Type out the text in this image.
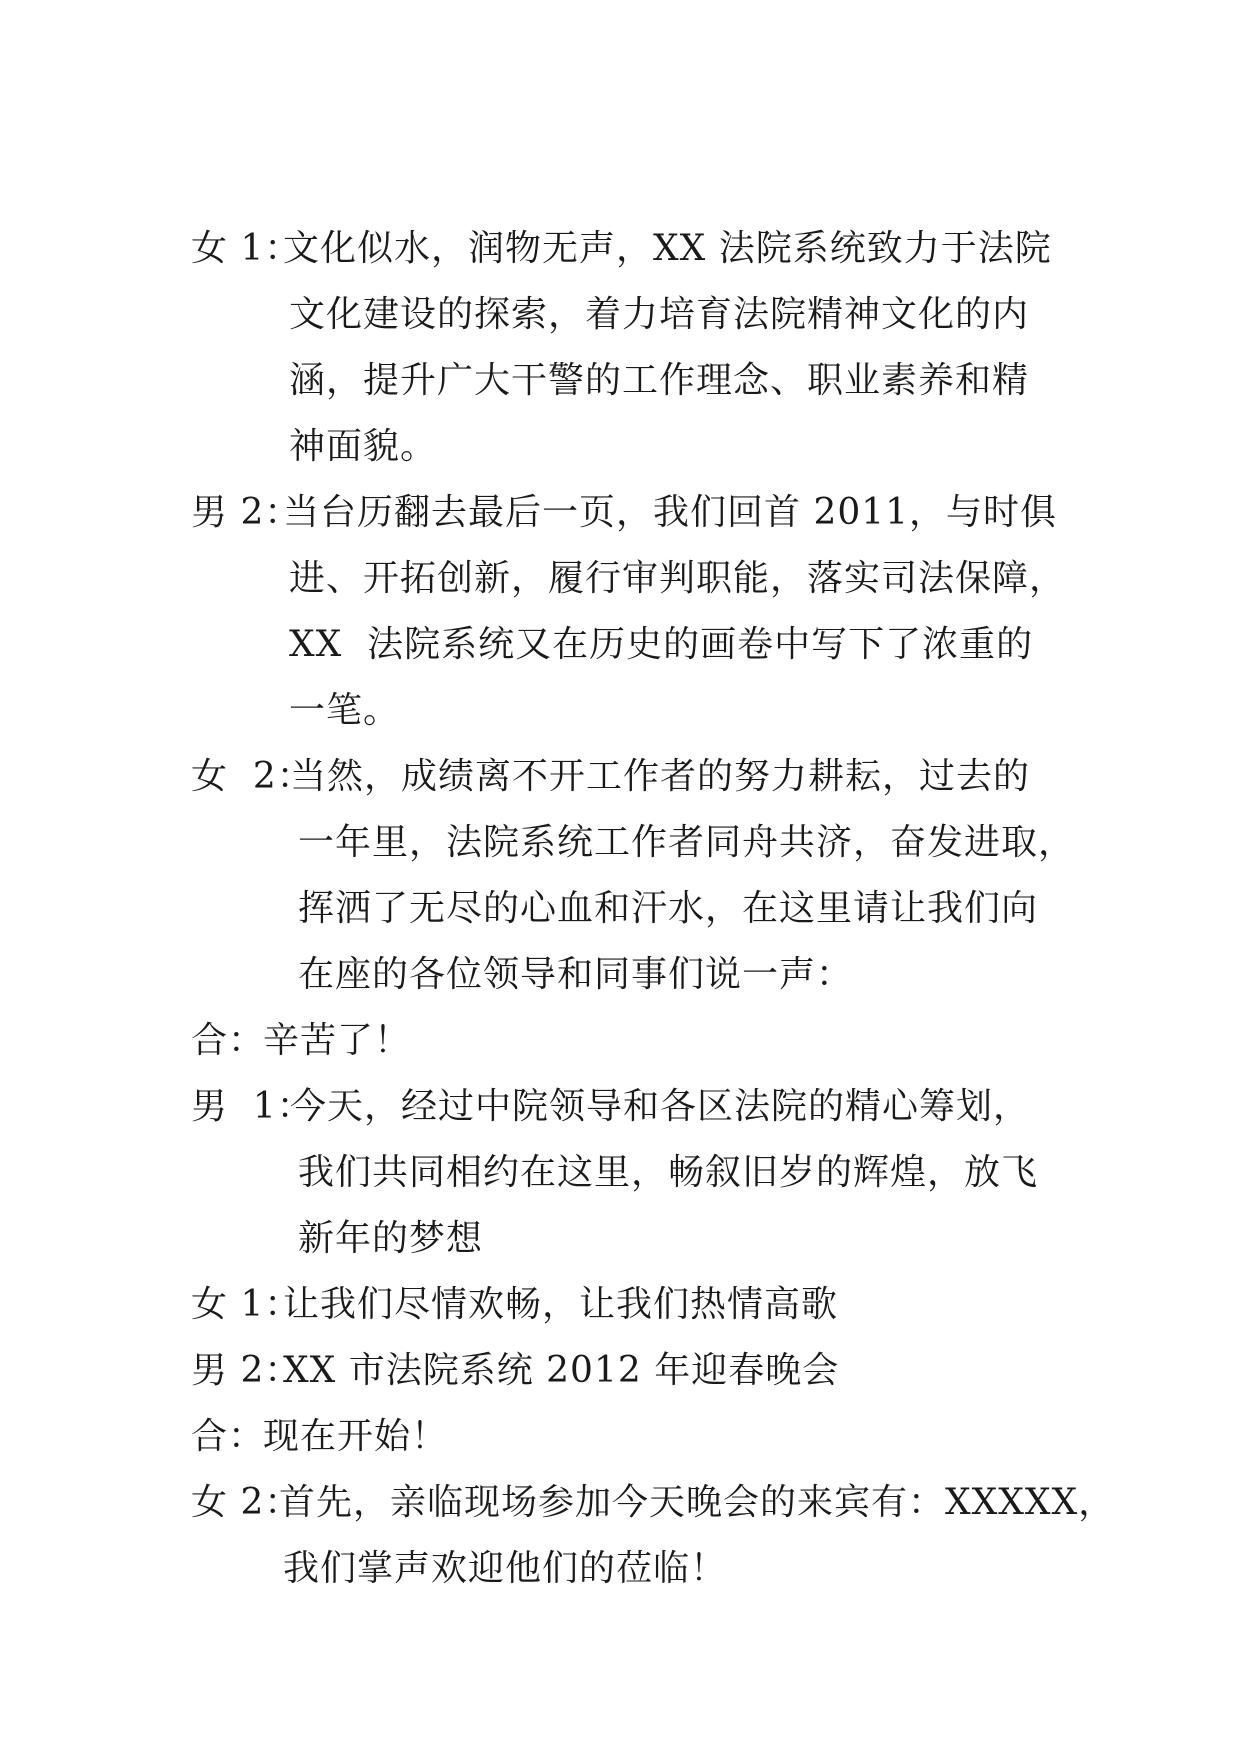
女 1：
文化似水，润物无声，XX 法院系统致力于法院
文化建设的探索，着力培育法院精神文化的内
涵，提升广大干警的工作理念、职业素养和精
神面貌。
男 2：
当台历翻去最后一页，我们回首 2011，与时俱
进、开拓创新，履行审判职能，落实司法保障，
XX  法院系统又在历史的画卷中写下了浓重的
一笔。
女  2：
当然，成绩离不开工作者的努力耕耘，过去的
一年里，法院系统工作者同舟共济，奋发进取，
挥洒了无尽的心血和汗水，在这里请让我们向
在座的各位领导和同事们说一声：
合：
辛苦了！
男  1：
今天，经过中院领导和各区法院的精心筹划，
我们共同相约在这里，畅叙旧岁的辉煌，放飞
新年的梦想
女 1：
让我们尽情欢畅，让我们热情高歌
男 2：
XX 市法院系统 2012 年迎春晚会
合：
现在开始！
女 2：
首先，亲临现场参加今天晚会的来宾有：XXXXX，
我们掌声欢迎他们的莅临！
